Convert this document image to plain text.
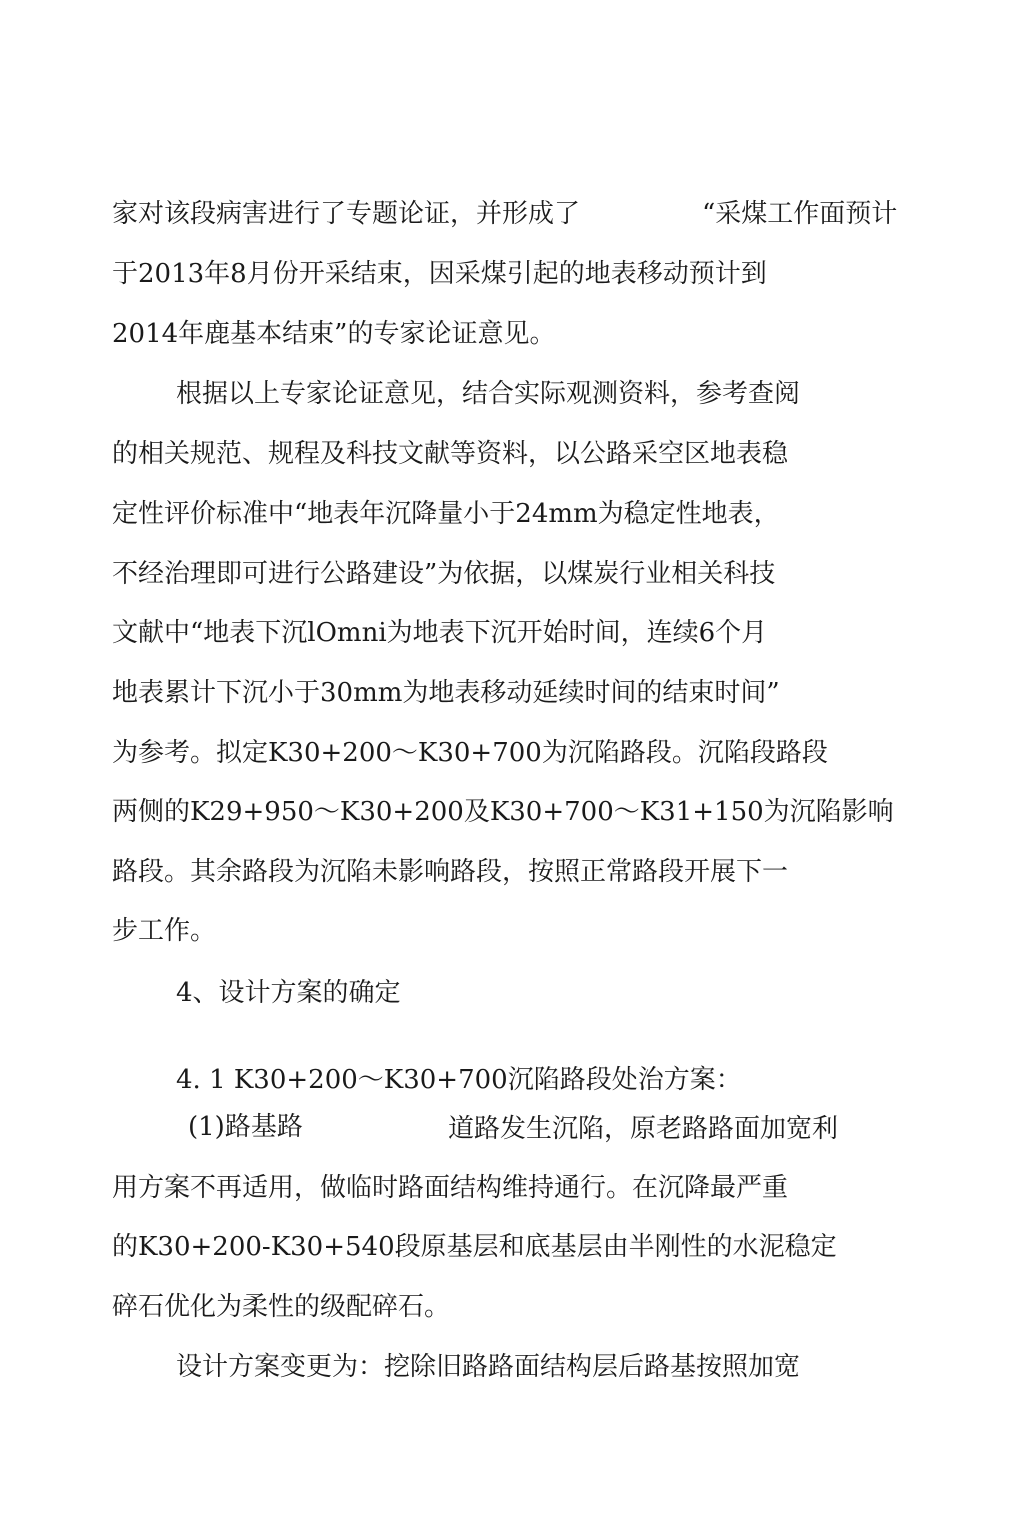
家对该段病害进行了专题论证，并形成了	“采煤工作面预计
于2013年8月份开采结束，因采煤引起的地表移动预计到
2014年鹿基本结束”的专家论证意见。
根据以上专家论证意见，结合实际观测资料，参考查阅
的相关规范、规程及科技文献等资料，以公路采空区地表稳
定性评价标准中“地表年沉降量小于24mm为稳定性地表，
不经治理即可进行公路建设”为依据，以煤炭行业相关科技
文献中“地表下沉lOmni为地表下沉开始时间，连续6个月
地表累计下沉小于30mm为地表移动延续时间的结束时间”
为参考。拟定K30+200～K30+700为沉陷路段。沉陷段路段
两侧的K29+950～K30+200及K30+700～K31+150为沉陷影响
路段。其余路段为沉陷未影响路段，按照正常路段开展下一
步工作。
4、设计方案的确定
4. 1 K30+200～K30+700沉陷路段处治方案：
(1)路基路	道路发生沉陷，原老路路面加宽利
用方案不再适用，做临时路面结构维持通行。在沉降最严重
的K30+200-K30+540段原基层和底基层由半刚性的水泥稳定
碎石优化为柔性的级配碎石。
设计方案变更为：挖除旧路路面结构层后路基按照加宽
